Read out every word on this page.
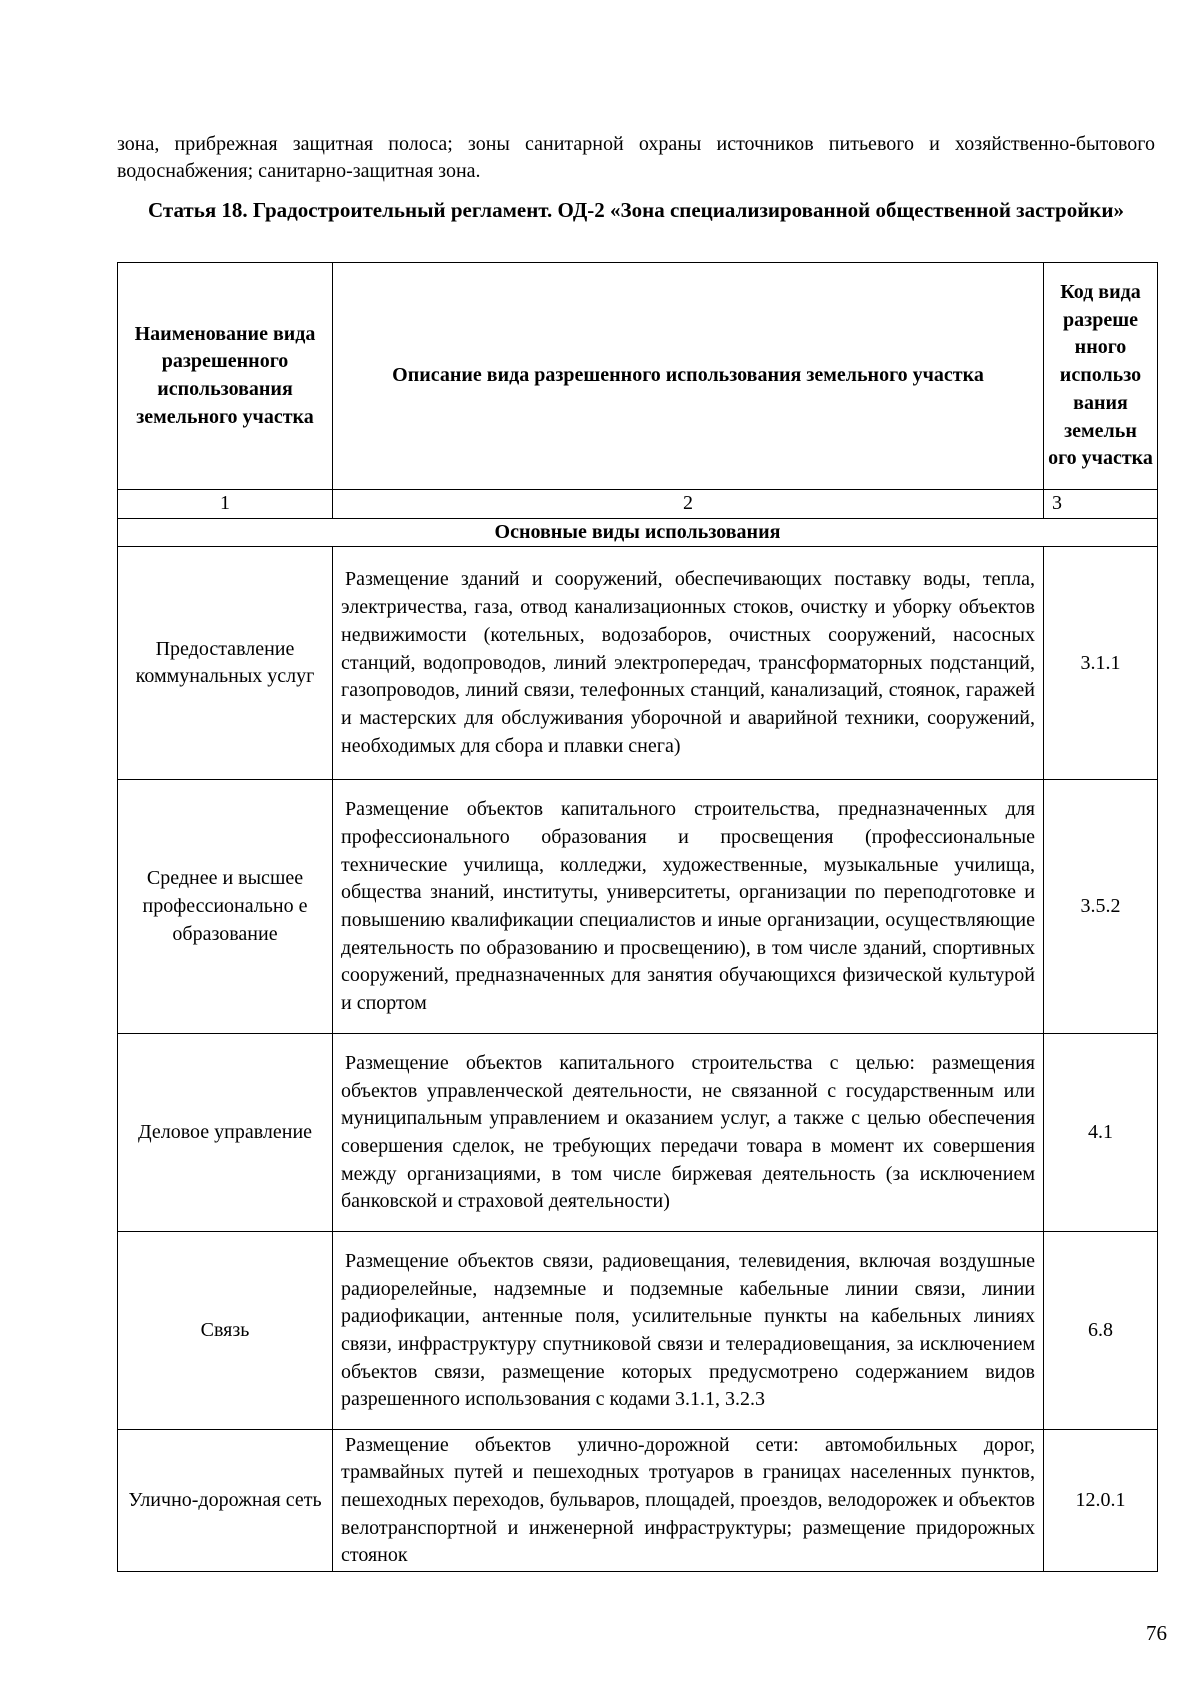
зона, прибрежная защитная полоса; зоны санитарной охраны источников питьевого и хозяйственно-бытового водоснабжения; санитарно-защитная зона.

Статья 18. Градостроительный регламент. ОД-2 «Зона специализированной общественной застройки»
Наименование вида разрешенного использования земельного участка	Описание вида разрешенного использования земельного участка	Код вида разреше нного использо вания земельн ого участка
1	2	3
Основные виды использования		
Предоставление коммунальных услуг	Размещение зданий и сооружений, обеспечивающих поставку воды, тепла, электричества, газа, отвод канализационных стоков, очистку и уборку объектов недвижимости (котельных, водозаборов, очистных сооружений, насосных станций, водопроводов, линий электропередач, трансформаторных подстанций, газопроводов, линий связи, телефонных станций, канализаций, стоянок, гаражей и мастерских для обслуживания уборочной и аварийной техники, сооружений, необходимых для сбора и плавки снега)	3.1.1
Среднее и высшее профессионально е образование	Размещение объектов капитального строительства, предназначенных для профессионального образования и просвещения (профессиональные технические училища, колледжи, художественные, музыкальные училища, общества знаний, институты, университеты, организации по переподготовке и повышению квалификации специалистов и иные организации, осуществляющие деятельность по образованию и просвещению), в том числе зданий, спортивных сооружений, предназначенных для занятия обучающихся физической культурой и спортом	3.5.2
Деловое управление	Размещение объектов капитального строительства с целью: размещения объектов управленческой деятельности, не связанной с государственным или муниципальным управлением и оказанием услуг, а также с целью обеспечения совершения сделок, не требующих передачи товара в момент их совершения между организациями, в том числе биржевая деятельность (за исключением банковской и страховой деятельности)	4.1
Связь	Размещение объектов связи, радиовещания, телевидения, включая воздушные радиорелейные, надземные и подземные кабельные линии связи, линии радиофикации, антенные поля, усилительные пункты на кабельных линиях связи, инфраструктуру спутниковой связи и телерадиовещания, за исключением объектов связи, размещение которых предусмотрено содержанием видов разрешенного использования с кодами 3.1.1, 3.2.3	6.8
Улично-дорожная сеть	Размещение объектов улично-дорожной сети: автомобильных дорог, трамвайных путей и пешеходных тротуаров в границах населенных пунктов, пешеходных переходов, бульваров, площадей, проездов, велодорожек и объектов велотранспортной и инженерной инфраструктуры; размещение придорожных стоянок	12.0.1
76
